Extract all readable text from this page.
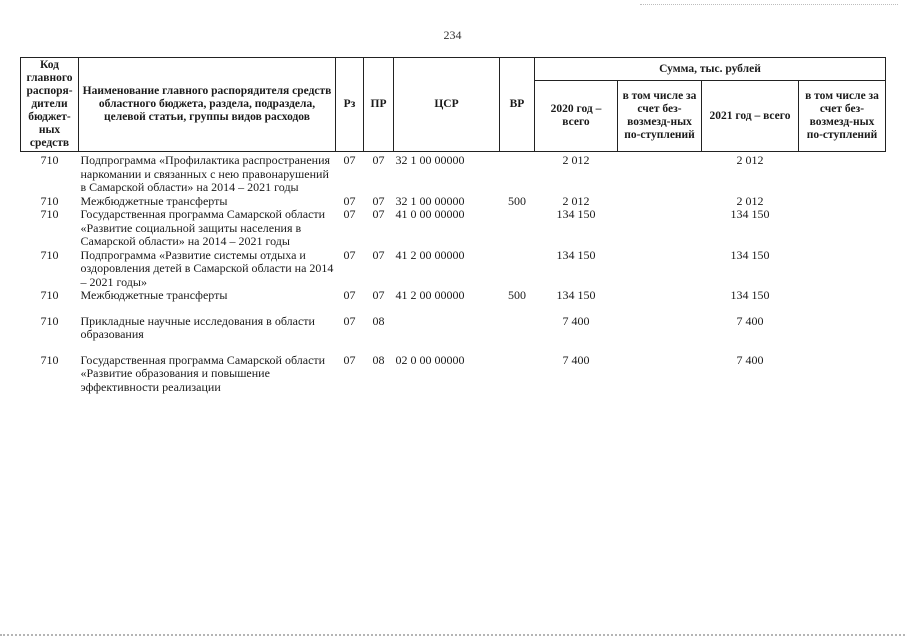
234
Код главного распоря-дители бюджет-ных средств	Наименование главного распорядителя средств областного бюджета, раздела, подраздела, целевой статьи, группы видов расходов	Рз	ПР	ЦСР	ВР	Сумма, тыс. рублей			
						2020 год – всего	в том числе за счет без-возмезд-ных по-ступлений	2021 год – всего	в том числе за счет без-возмезд-ных по-ступлений
710	Подпрограмма «Профилактика распространения наркомании и связанных с нею правонарушений в Самарской области» на 2014 – 2021 годы	07	07	32 1 00 00000		2 012		2 012	
710	Межбюджетные трансферты	07	07	32 1 00 00000	500	2 012		2 012	
710	Государственная программа Самарской области «Развитие социальной защиты населения в Самарской области» на 2014 – 2021 годы	07	07	41 0 00 00000		134 150		134 150	
710	Подпрограмма «Развитие системы отдыха и оздоровления детей в Самарской области на 2014 – 2021 годы»	07	07	41 2 00 00000		134 150		134 150	
710	Межбюджетные трансферты	07	07	41 2 00 00000	500	134 150		134 150	

710	Прикладные научные исследования в области образования	07	08			7 400		7 400	

710	Государственная программа Самарской области «Развитие образования и повышение эффективности реализации	07	08	02 0 00 00000		7 400		7 400	
